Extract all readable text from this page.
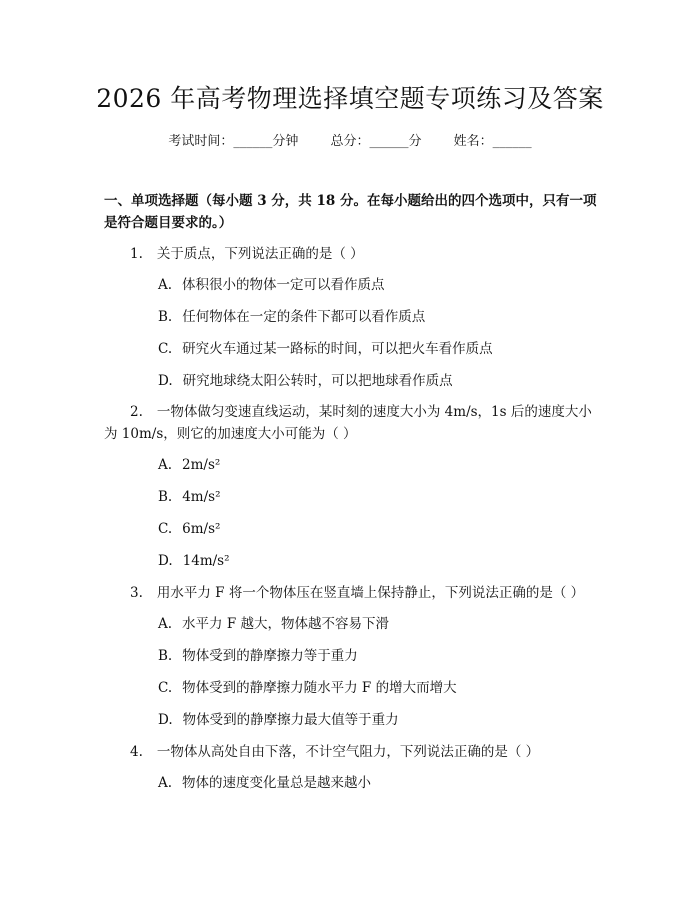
2026 年高考物理选择填空题专项练习及答案
考试时间：______分钟 总分：______分 姓名：______

一、单项选择题（每小题 3 分，共 18 分。在每小题给出的四个选项中，只有一项是符合题目要求的。）

1. 关于质点，下列说法正确的是（ ）

A. 体积很小的物体一定可以看作质点

B. 任何物体在一定的条件下都可以看作质点

C. 研究火车通过某一路标的时间，可以把火车看作质点

D. 研究地球绕太阳公转时，可以把地球看作质点

2. 一物体做匀变速直线运动，某时刻的速度大小为 4m/s，1s 后的速度大小为 10m/s，则它的加速度大小可能为（ ）

A. 2m/s²

B. 4m/s²

C. 6m/s²

D. 14m/s²

3. 用水平力 F 将一个物体压在竖直墙上保持静止，下列说法正确的是（ ）

A. 水平力 F 越大，物体越不容易下滑

B. 物体受到的静摩擦力等于重力

C. 物体受到的静摩擦力随水平力 F 的增大而增大

D. 物体受到的静摩擦力最大值等于重力

4. 一物体从高处自由下落，不计空气阻力，下列说法正确的是（ ）

A. 物体的速度变化量总是越来越小
